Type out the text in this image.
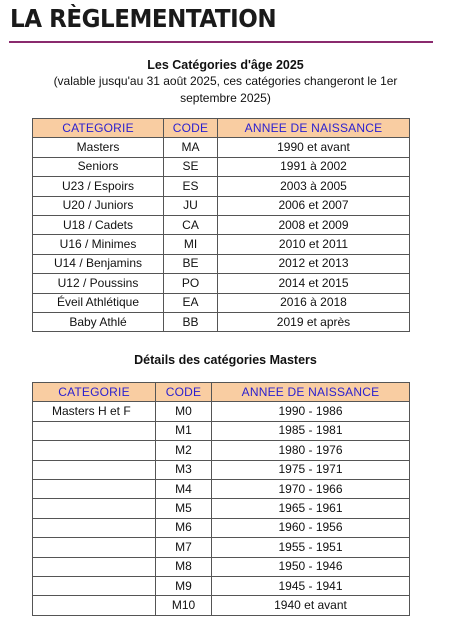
LA RÈGLEMENTATION
Les Catégories d'âge 2025
(valable jusqu'au 31 août 2025, ces catégories changeront le 1er
septembre 2025)
CATEGORIE	CODE	ANNEE DE NAISSANCE
Masters	MA	1990 et avant
Seniors	SE	1991 à 2002
U23 / Espoirs	ES	2003 à 2005
U20 / Juniors	JU	2006 et 2007
U18 / Cadets	CA	2008 et 2009
U16 / Minimes	MI	2010 et 2011
U14 / Benjamins	BE	2012 et 2013
U12 / Poussins	PO	2014 et 2015
Éveil Athlétique	EA	2016 à 2018
Baby Athlé	BB	2019 et après
Détails des catégories Masters
CATEGORIE	CODE	ANNEE DE NAISSANCE
Masters H et F	M0	1990 - 1986
	M1	1985 - 1981
	M2	1980 - 1976
	M3	1975 - 1971
	M4	1970 - 1966
	M5	1965 - 1961
	M6	1960 - 1956
	M7	1955 - 1951
	M8	1950 - 1946
	M9	1945 - 1941
	M10	1940 et avant
